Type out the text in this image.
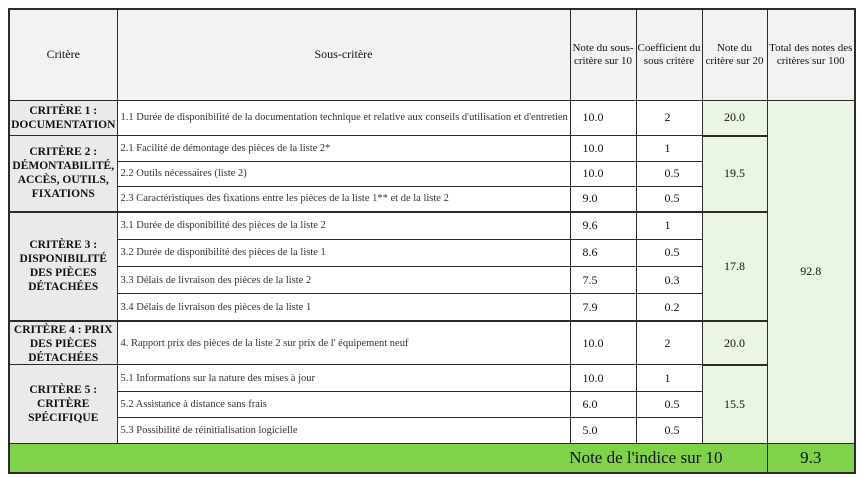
Critère	Sous-critère	Note du sous-critère sur 10	Coefficient du sous critère	Note du critère sur 20	Total des notes des critères sur 100

CRITÈRE 1 : DOCUMENTATION	1.1 Durée de disponibilité de la documentation technique et relative aux conseils d'utilisation et d'entretien	10.0	2	20.0	92.8
CRITÈRE 2 : DÉMONTABILITÉ, ACCÈS, OUTILS, FIXATIONS	2.1 Facilité de démontage des pièces de la liste 2*	10.0	1	19.5	
	2.2 Outils nécessaires (liste 2)	10.0	0.5		
	2.3 Caractéristiques des fixations entre les pièces de la liste 1** et de la liste 2	9.0	0.5		
CRITÈRE 3 : DISPONIBILITÉ DES PIÈCES DÉTACHÉES	3.1 Durée de disponibilité des pièces de la liste 2	9.6	1	17.8	
	3.2 Durée de disponibilité des pièces de la liste 1	8.6	0.5		
	3.3 Délais de livraison des pièces de la liste 2	7.5	0.3		
	3.4 Délais de livraison des pièces de la liste 1	7.9	0.2		

CRITÈRE 4 : PRIX DES PIÈCES DÉTACHÉES	4. Rapport prix des pièces de la liste 2 sur prix de l' équipement neuf	10.0	2	20.0	
CRITÈRE 5 : CRITÈRE SPÉCIFIQUE	5.1 Informations sur la nature des mises à jour	10.0	1	15.5	
	5.2 Assistance à distance sans frais	6.0	0.5		
	5.3 Possibilité de réinitialisation logicielle	5.0	0.5		
Note de l'indice sur 10					9.3
